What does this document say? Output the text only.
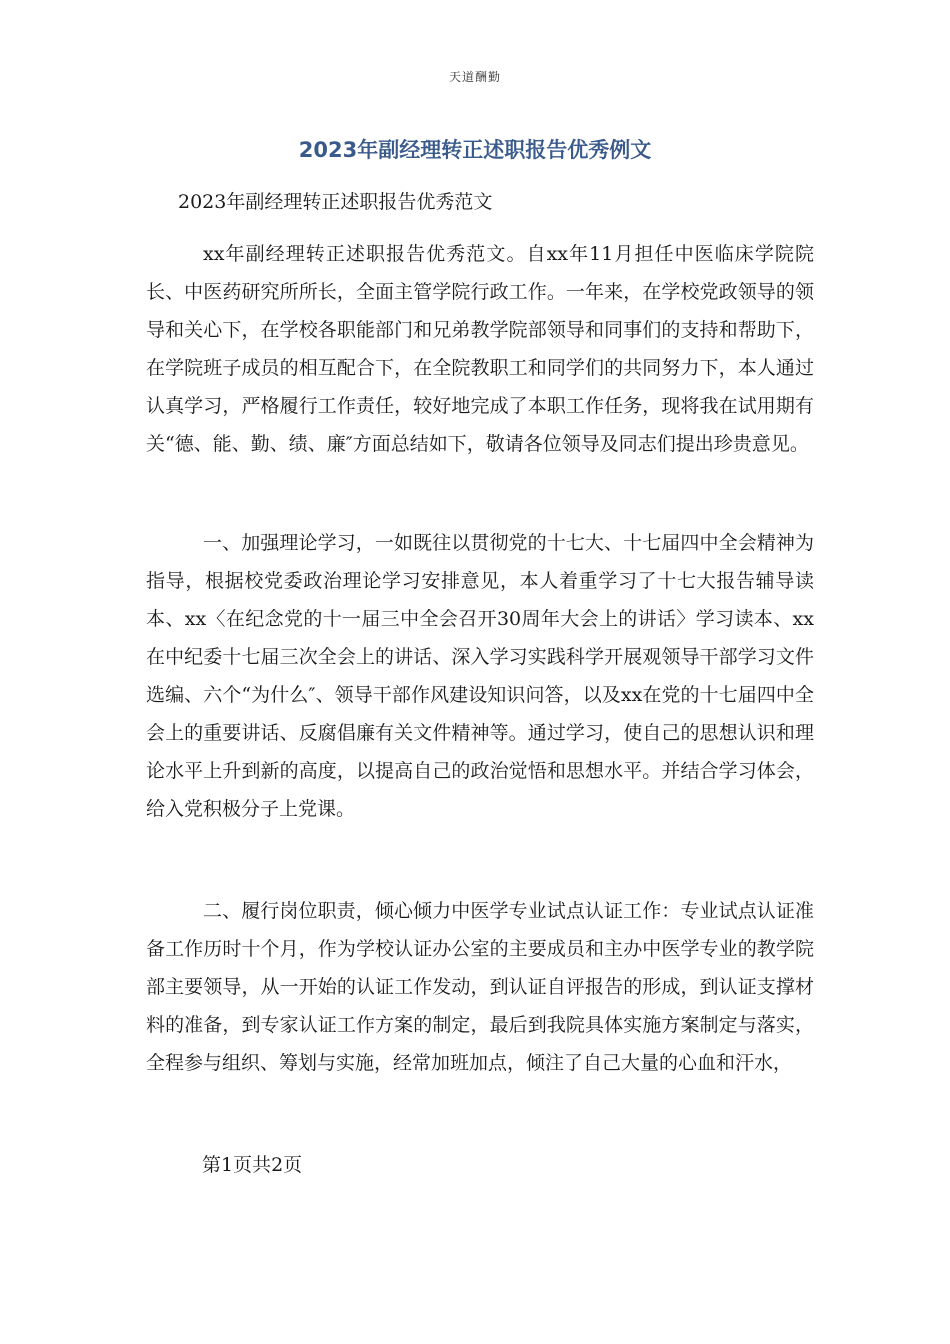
天道酬勤
2023年副经理转正述职报告优秀例文
2023年副经理转正述职报告优秀范文

xx年副经理转正述职报告优秀范文。自xx年11月担任中医临床学院院长、中医药研究所所长，全面主管学院行政工作。一年来，在学校党政领导的领导和关心下，在学校各职能部门和兄弟教学院部领导和同事们的支持和帮助下，在学院班子成员的相互配合下，在全院教职工和同学们的共同努力下，本人通过认真学习，严格履行工作责任，较好地完成了本职工作任务，现将我在试用期有关“德、能、勤、绩、廉″方面总结如下，敬请各位领导及同志们提出珍贵意见。

一、加强理论学习，一如既往以贯彻党的十七大、十七届四中全会精神为指导，根据校党委政治理论学习安排意见，本人着重学习了十七大报告辅导读本、xx〈在纪念党的十一届三中全会召开30周年大会上的讲话〉学习读本、xx在中纪委十七届三次全会上的讲话、深入学习实践科学开展观领导干部学习文件选编、六个“为什么″、领导干部作风建设知识问答，以及xx在党的十七届四中全会上的重要讲话、反腐倡廉有关文件精神等。通过学习，使自己的思想认识和理论水平上升到新的高度，以提高自己的政治觉悟和思想水平。并结合学习体会，给入党积极分子上党课。

二、履行岗位职责，倾心倾力中医学专业试点认证工作：专业试点认证准备工作历时十个月，作为学校认证办公室的主要成员和主办中医学专业的教学院部主要领导，从一开始的认证工作发动，到认证自评报告的形成，到认证支撑材料的准备，到专家认证工作方案的制定，最后到我院具体实施方案制定与落实，全程参与组织、筹划与实施，经常加班加点，倾注了自己大量的心血和汗水，

第1页共2页
